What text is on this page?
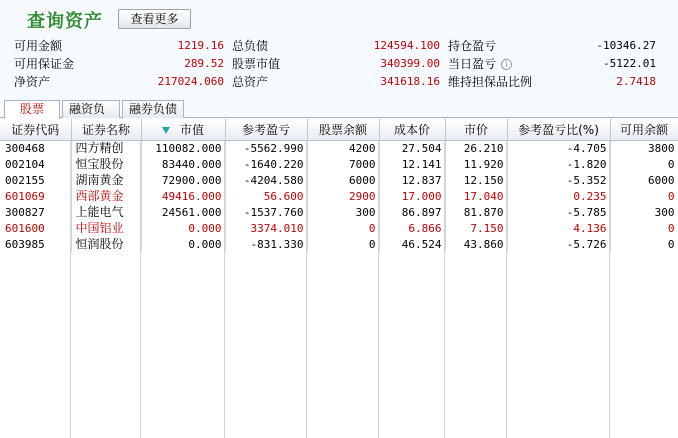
查询资产	查看更多
可用金额	1219.16 总负债	124594.100 持仓盈亏	-10346.27
可用保证金	289.52 股票市值	340399.00 当日盈亏 i	-5122.01
净资产	217024.060 总资产	341618.16 维持担保品比例	2.7418
股票	融资负	融券负债
证券代码	证券名称	市值	参考盈亏	股票余额	成本价	市价	参考盈亏比(%)	可用余额
300468	四方精创	110082.000	-5562.990	4200	27.504	26.210	-4.705	3800
002104	恒宝股份	83440.000	-1640.220	7000	12.141	11.920	-1.820	0
002155	湖南黄金	72900.000	-4204.580	6000	12.837	12.150	-5.352	6000
601069	西部黄金	49416.000	56.600	2900	17.000	17.040	0.235	0
300827	上能电气	24561.000	-1537.760	300	86.897	81.870	-5.785	300
601600	中国铝业	0.000	3374.010	0	6.866	7.150	4.136	0
603985	恒润股份	0.000	-831.330	0	46.524	43.860	-5.726	0
